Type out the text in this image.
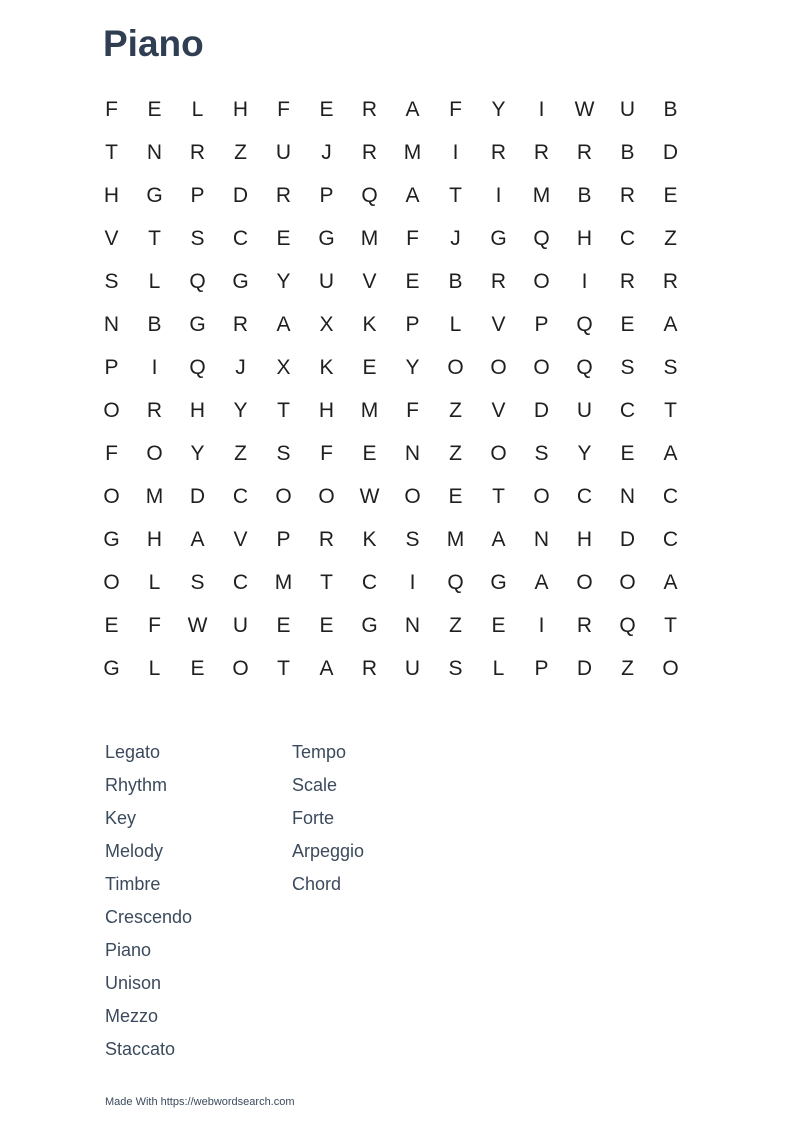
Piano
F	E	L	H	F	E	R	A	F	Y	I	W	U	B
T	N	R	Z	U	J	R	M	I	R	R	R	B	D
H	G	P	D	R	P	Q	A	T	I	M	B	R	E
V	T	S	C	E	G	M	F	J	G	Q	H	C	Z
S	L	Q	G	Y	U	V	E	B	R	O	I	R	R
N	B	G	R	A	X	K	P	L	V	P	Q	E	A
P	I	Q	J	X	K	E	Y	O	O	O	Q	S	S
O	R	H	Y	T	H	M	F	Z	V	D	U	C	T
F	O	Y	Z	S	F	E	N	Z	O	S	Y	E	A
O	M	D	C	O	O	W	O	E	T	O	C	N	C
G	H	A	V	P	R	K	S	M	A	N	H	D	C
O	L	S	C	M	T	C	I	Q	G	A	O	O	A
E	F	W	U	E	E	G	N	Z	E	I	R	Q	T
G	L	E	O	T	A	R	U	S	L	P	D	Z	O
Legato
Rhythm
Key
Melody
Timbre
Crescendo
Piano
Unison
Mezzo
Staccato
Tempo
Scale
Forte
Arpeggio
Chord
Made With https://webwordsearch.com
